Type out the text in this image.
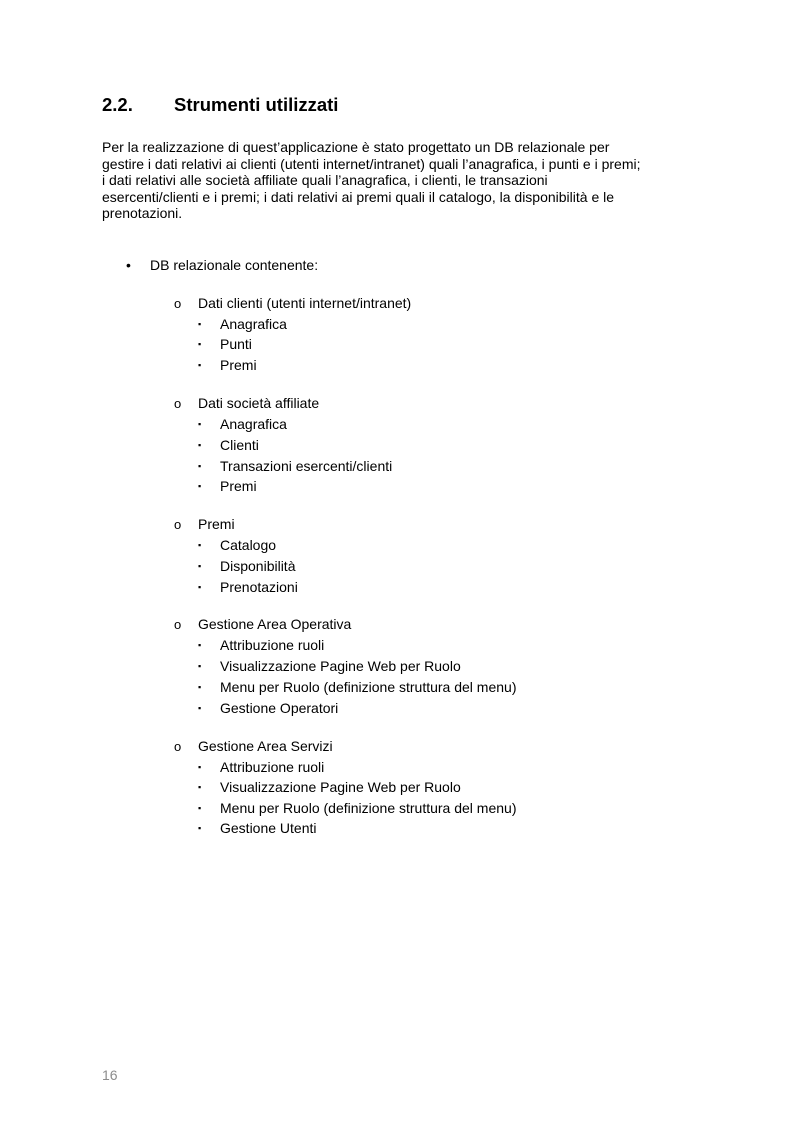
2.2. Strumenti utilizzati
Per la realizzazione di quest’applicazione è stato progettato un DB relazionale per
gestire i dati relativi ai clienti (utenti internet/intranet) quali l’anagrafica, i punti e i premi;
i dati relativi alle società affiliate quali l’anagrafica, i clienti, le transazioni
esercenti/clienti e i premi; i dati relativi ai premi quali il catalogo, la disponibilità e le
prenotazioni.
• DB relazionale contenente:
o Dati clienti (utenti internet/intranet)
▪ Anagrafica
▪ Punti
▪ Premi
o Dati società affiliate
▪ Anagrafica
▪ Clienti
▪ Transazioni esercenti/clienti
▪ Premi
o Premi
▪ Catalogo
▪ Disponibilità
▪ Prenotazioni
o Gestione Area Operativa
▪ Attribuzione ruoli
▪ Visualizzazione Pagine Web per Ruolo
▪ Menu per Ruolo (definizione struttura del menu)
▪ Gestione Operatori
o Gestione Area Servizi
▪ Attribuzione ruoli
▪ Visualizzazione Pagine Web per Ruolo
▪ Menu per Ruolo (definizione struttura del menu)
▪ Gestione Utenti
16
